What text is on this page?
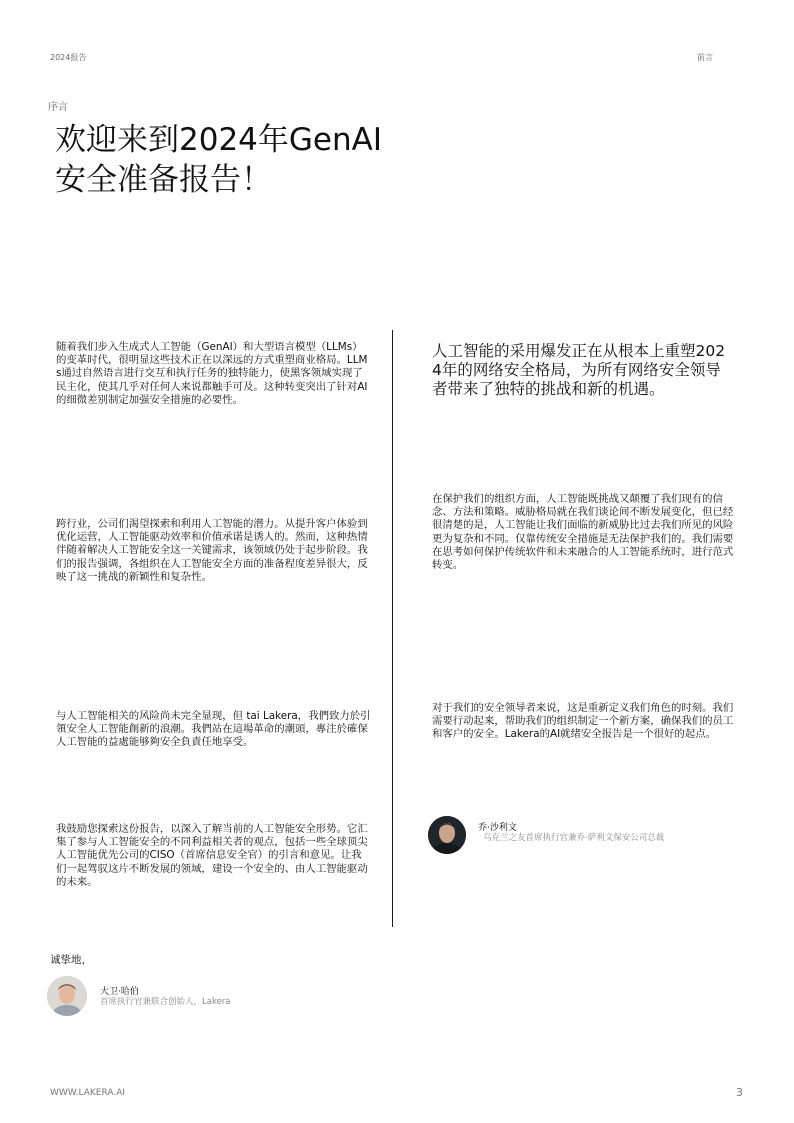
2024报告	前言
序言
欢迎来到2024年GenAI安全准备报告！
随着我们步入生成式人工智能（GenAI）和大型语言模型（LLMs）的变革时代，很明显这些技术正在以深远的方式重塑商业格局。LLMs通过自然语言进行交互和执行任务的独特能力，使黑客领域实现了民主化，使其几乎对任何人来说都触手可及。这种转变突出了针对AI的细微差别制定加强安全措施的必要性。
跨行业，公司们渴望探索和利用人工智能的潜力。从提升客户体验到优化运营，人工智能驱动效率和价值承诺是诱人的。然而，这种热情伴随着解决人工智能安全这一关键需求，该领域仍处于起步阶段。我们的报告强调，各组织在人工智能安全方面的准备程度差异很大，反映了这一挑战的新颖性和复杂性。
与人工智能相关的风险尚未完全显现，但 tai Lakera，我們致力於引領安全人工智能創新的浪潮。我們站在這場革命的潮頭，專注於確保人工智能的益處能够夠安全負責任地享受。
我鼓励您探索这份报告，以深入了解当前的人工智能安全形势。它汇集了参与人工智能安全的不同利益相关者的观点，包括一些全球顶尖人工智能优先公司的CISO（首席信息安全官）的引言和意见。让我们一起驾驭这片不断发展的领域，建设一个安全的、由人工智能驱动的未来。
人工智能的采用爆发正在从根本上重塑2024年的网络安全格局，为所有网络安全领导者带来了独特的挑战和新的机遇。
在保护我们的组织方面，人工智能既挑战又颠覆了我们现有的信念、方法和策略。威胁格局就在我们谈论间不断发展变化，但已经很清楚的是，人工智能让我们面临的新威胁比过去我们所见的风险更为复杂和不同。仅靠传统安全措施是无法保护我们的。我们需要在思考如何保护传统软件和未来融合的人工智能系统时，进行范式转变。
对于我们的安全领导者来说，这是重新定义我们角色的时刻。我们需要行动起来，帮助我们的组织制定一个新方案，确保我们的员工和客户的安全。Lakera的AI就绪安全报告是一个很好的起点。
乔·沙利文
乌克兰之友首席执行官兼乔·萨利文保安公司总裁
诚挚地，
大卫·哈伯
首席执行官兼联合创始人，Lakera
WWW.LAKERA.AI	3
